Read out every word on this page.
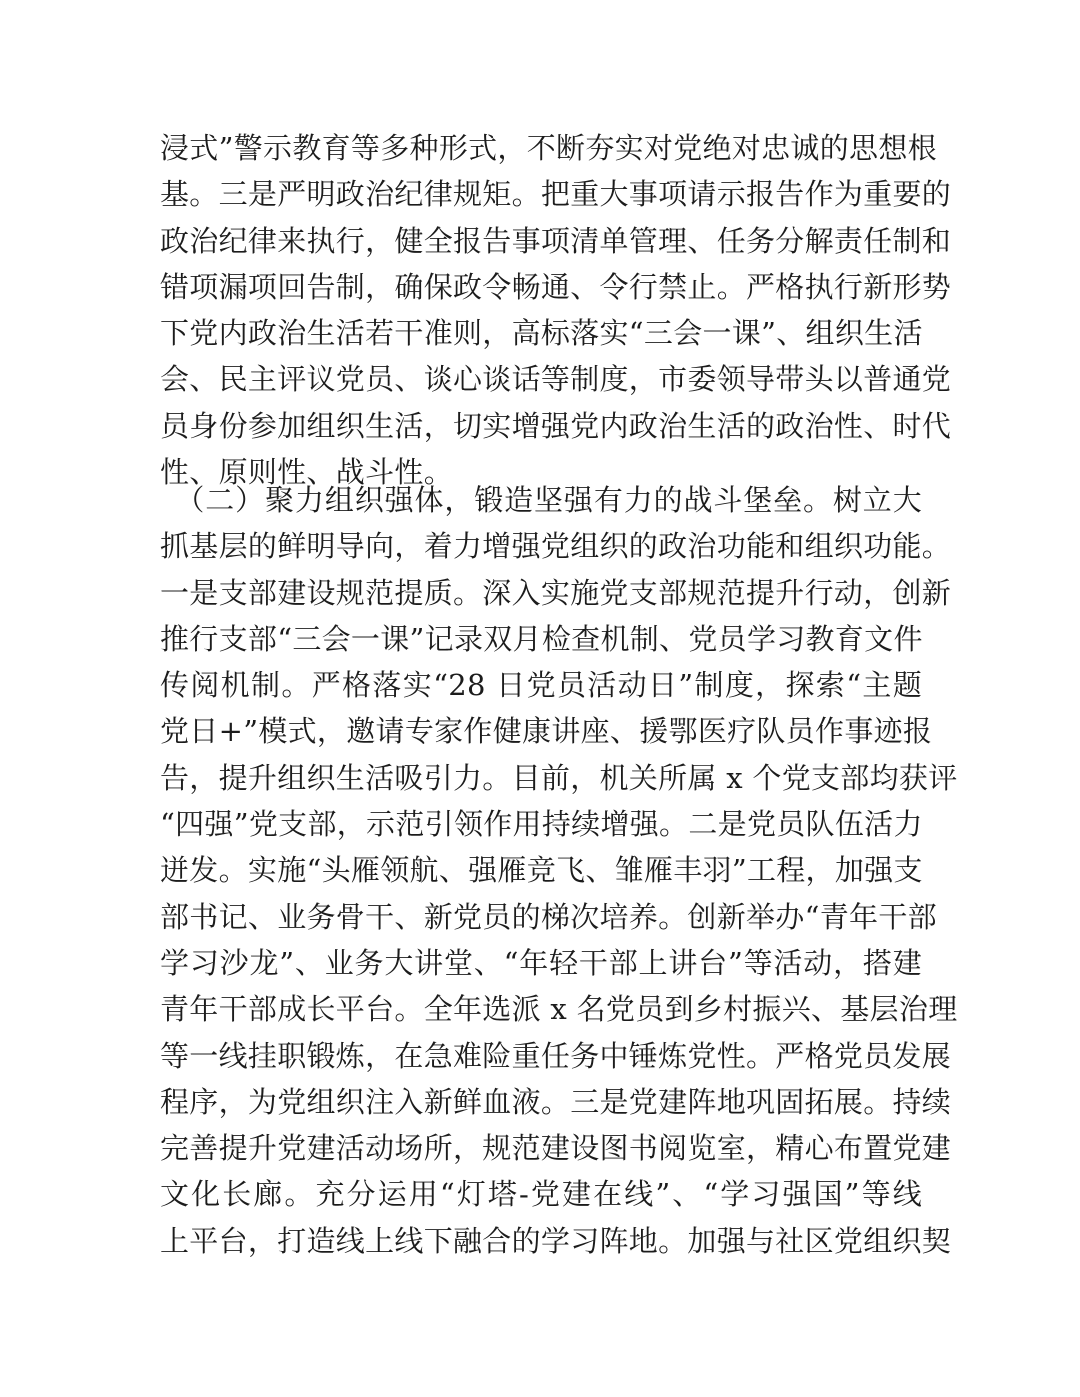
浸式”警示教育等多种形式，不断夯实对党绝对忠诚的思想根
基。三是严明政治纪律规矩。把重大事项请示报告作为重要的
政治纪律来执行，健全报告事项清单管理、任务分解责任制和
错项漏项回告制，确保政令畅通、令行禁止。严格执行新形势
下党内政治生活若干准则，高标落实“三会一课”、组织生活
会、民主评议党员、谈心谈话等制度，市委领导带头以普通党
员身份参加组织生活，切实增强党内政治生活的政治性、时代
性、原则性、战斗性。
　（二）聚力组织强体，锻造坚强有力的战斗堡垒。树立大
抓基层的鲜明导向，着力增强党组织的政治功能和组织功能。
一是支部建设规范提质。深入实施党支部规范提升行动，创新
推行支部“三会一课”记录双月检查机制、党员学习教育文件
传阅机制。严格落实“28 日党员活动日”制度，探索“主题
党日+”模式，邀请专家作健康讲座、援鄂医疗队员作事迹报
告，提升组织生活吸引力。目前，机关所属 x 个党支部均获评
“四强”党支部，示范引领作用持续增强。二是党员队伍活力
迸发。实施“头雁领航、强雁竞飞、雏雁丰羽”工程，加强支
部书记、业务骨干、新党员的梯次培养。创新举办“青年干部
学习沙龙”、业务大讲堂、“年轻干部上讲台”等活动，搭建
青年干部成长平台。全年选派 x 名党员到乡村振兴、基层治理
等一线挂职锻炼，在急难险重任务中锤炼党性。严格党员发展
程序，为党组织注入新鲜血液。三是党建阵地巩固拓展。持续
完善提升党建活动场所，规范建设图书阅览室，精心布置党建
文化长廊。充分运用“灯塔-党建在线”、“学习强国”等线
上平台，打造线上线下融合的学习阵地。加强与社区党组织契
